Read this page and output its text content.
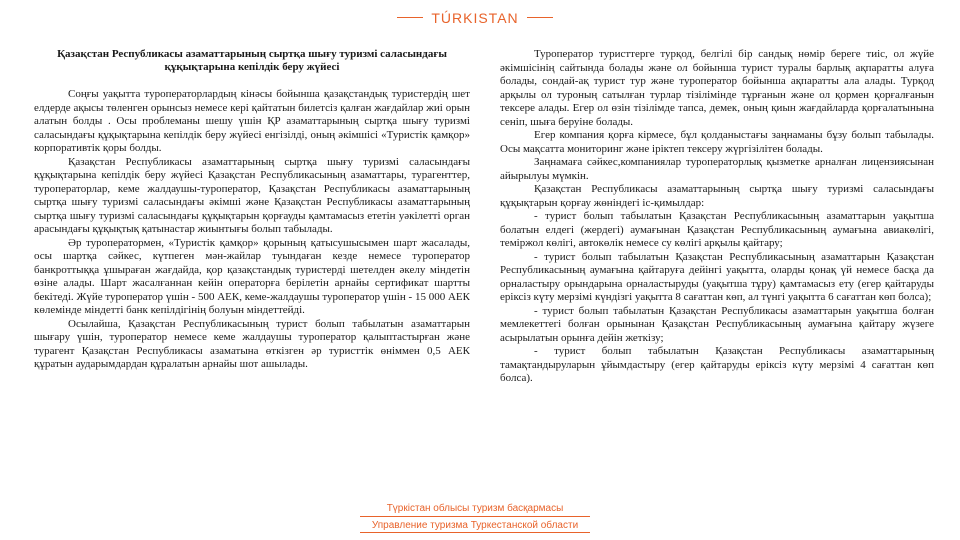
TÚRKISTAN
Қазақстан Республикасы азаматтарының сыртқа шығу туризмі саласындағы құқықтарына кепілдік беру жүйесі

Соңғы уақытта туроператорлардың кінәсы бойынша қазақстандық туристердің шет елдерде ақысы төленген орынсыз немесе кері қайтатын билетсіз қалған жағдайлар жиі орын алатын болды . Осы проблеманы шешу үшін ҚР азаматтарының сыртқа шығу туризмі саласындағы құқықтарына кепілдік беру жүйесі енгізілді, оның әкімшісі «Туристік қамқор» корпоративтік қоры болды.

Қазақстан Республикасы азаматтарының сыртқа шығу туризмі саласындағы құқықтарына кепілдік беру жүйесі Қазақстан Республикасының азаматтары, турагенттер, туроператорлар, кеме жалдаушы-туроператор, Қазақстан Республикасы азаматтарының сыртқа шығу туризмі саласындағы әкімші және Қазақстан Республикасы азаматтарының сыртқа шығу туризмі саласындағы құқықтарын қорғауды қамтамасыз ететін уәкілетті орган арасындағы құқықтық қатынастар жиынтығы болып табылады.

Әр туроператормен, «Туристік қамқор» қорының қатысушысымен шарт жасалады, осы шартқа сәйкес, күтпеген мән-жайлар туындаған кезде немесе туроператор банкроттыққа ұшыраған жағдайда, қор қазақстандық туристерді шетелден әкелу міндетін өзіне алады. Шарт жасалғаннан кейін операторға берілетін арнайы сертификат шартты бекітеді. Жүйе туроператор үшін - 500 АЕК, кеме-жалдаушы туроператор үшін - 15 000 АЕК көлемінде міндетті банк кепілдігінің болуын міндеттейді.

Осылайша, Қазақстан Республикасының турист болып табылатын азаматтарын шығару үшін, туроператор немесе кеме жалдаушы туроператор қалыптастырған және турагент Қазақстан Республикасы азаматына өткізген әр туристтік өніммен 0,5 АЕК құратын аударымдардан құралатын арнайы шот ашылады.

Туроператор туристтерге турқод, белгілі бір сандық нөмір береге тиіс, ол жүйе әкімшісінің сайтында болады және ол бойынша турист туралы барлық ақпаратты алуға болады, сондай-ақ турист тур және туроператор бойынша ақпаратты ала алады. Турқод арқылы ол туроның сатылған турлар тізілімінде тұрғанын және ол қормен қорғалғанын тексере алады. Егер ол өзін тізілімде тапса, демек, оның қиын жағдайларда қорғалатынына сеніп, шыға беруіне болады.

Егер компания қорға кірмесе, бұл қолданыстағы заңнаманы бұзу болып табылады. Осы мақсатта мониторинг және іріктеп тексеру жүргізілітен болады.

Заңнамаға сәйкес,компаниялар туроператорлық қызметке арналған лицензиясынан айырылуы мүмкін.

Қазақстан Республикасы азаматтарының сыртқа шығу туризмі саласындағы құқықтарын қорғау жөніндегі іс-қимылдар:

- турист болып табылатын Қазақстан Республикасының азаматтарын уақытша болатын елдегі (жердегі) аумағынан Қазақстан Республикасының аумағына авиакөлігі, теміржол көлігі, автокөлік немесе су көлігі арқылы қайтару;

- турист болып табылатын Қазақстан Республикасының азаматтарын Қазақстан Республикасының аумағына қайтаруға дейінгі уақытта, оларды қонақ үй немесе басқа да орналастыру орындарына орналастыруды (уақытша тұру) қамтамасыз ету (егер қайтаруды еріксіз күту мерзімі күндізгі уақытта 8 сағаттан көп, ал түнгі уақытта 6 сағаттан көп болса);

- турист болып табылатын Қазақстан Республикасы азаматтарын уақытша болған мемлекеттегі болған орынынан Қазақстан Республикасының аумағына қайтару жүзеге асырылатын орынға дейін жеткізу;

- турист болып табылатын Қазақстан Республикасы азаматтарының тамақтандыруларын ұйымдастыру (егер қайтаруды еріксіз күту мерзімі 4 сағаттан көп болса).

Түркістан облысы туризм басқармасы
Управление туризма Туркестанской области
